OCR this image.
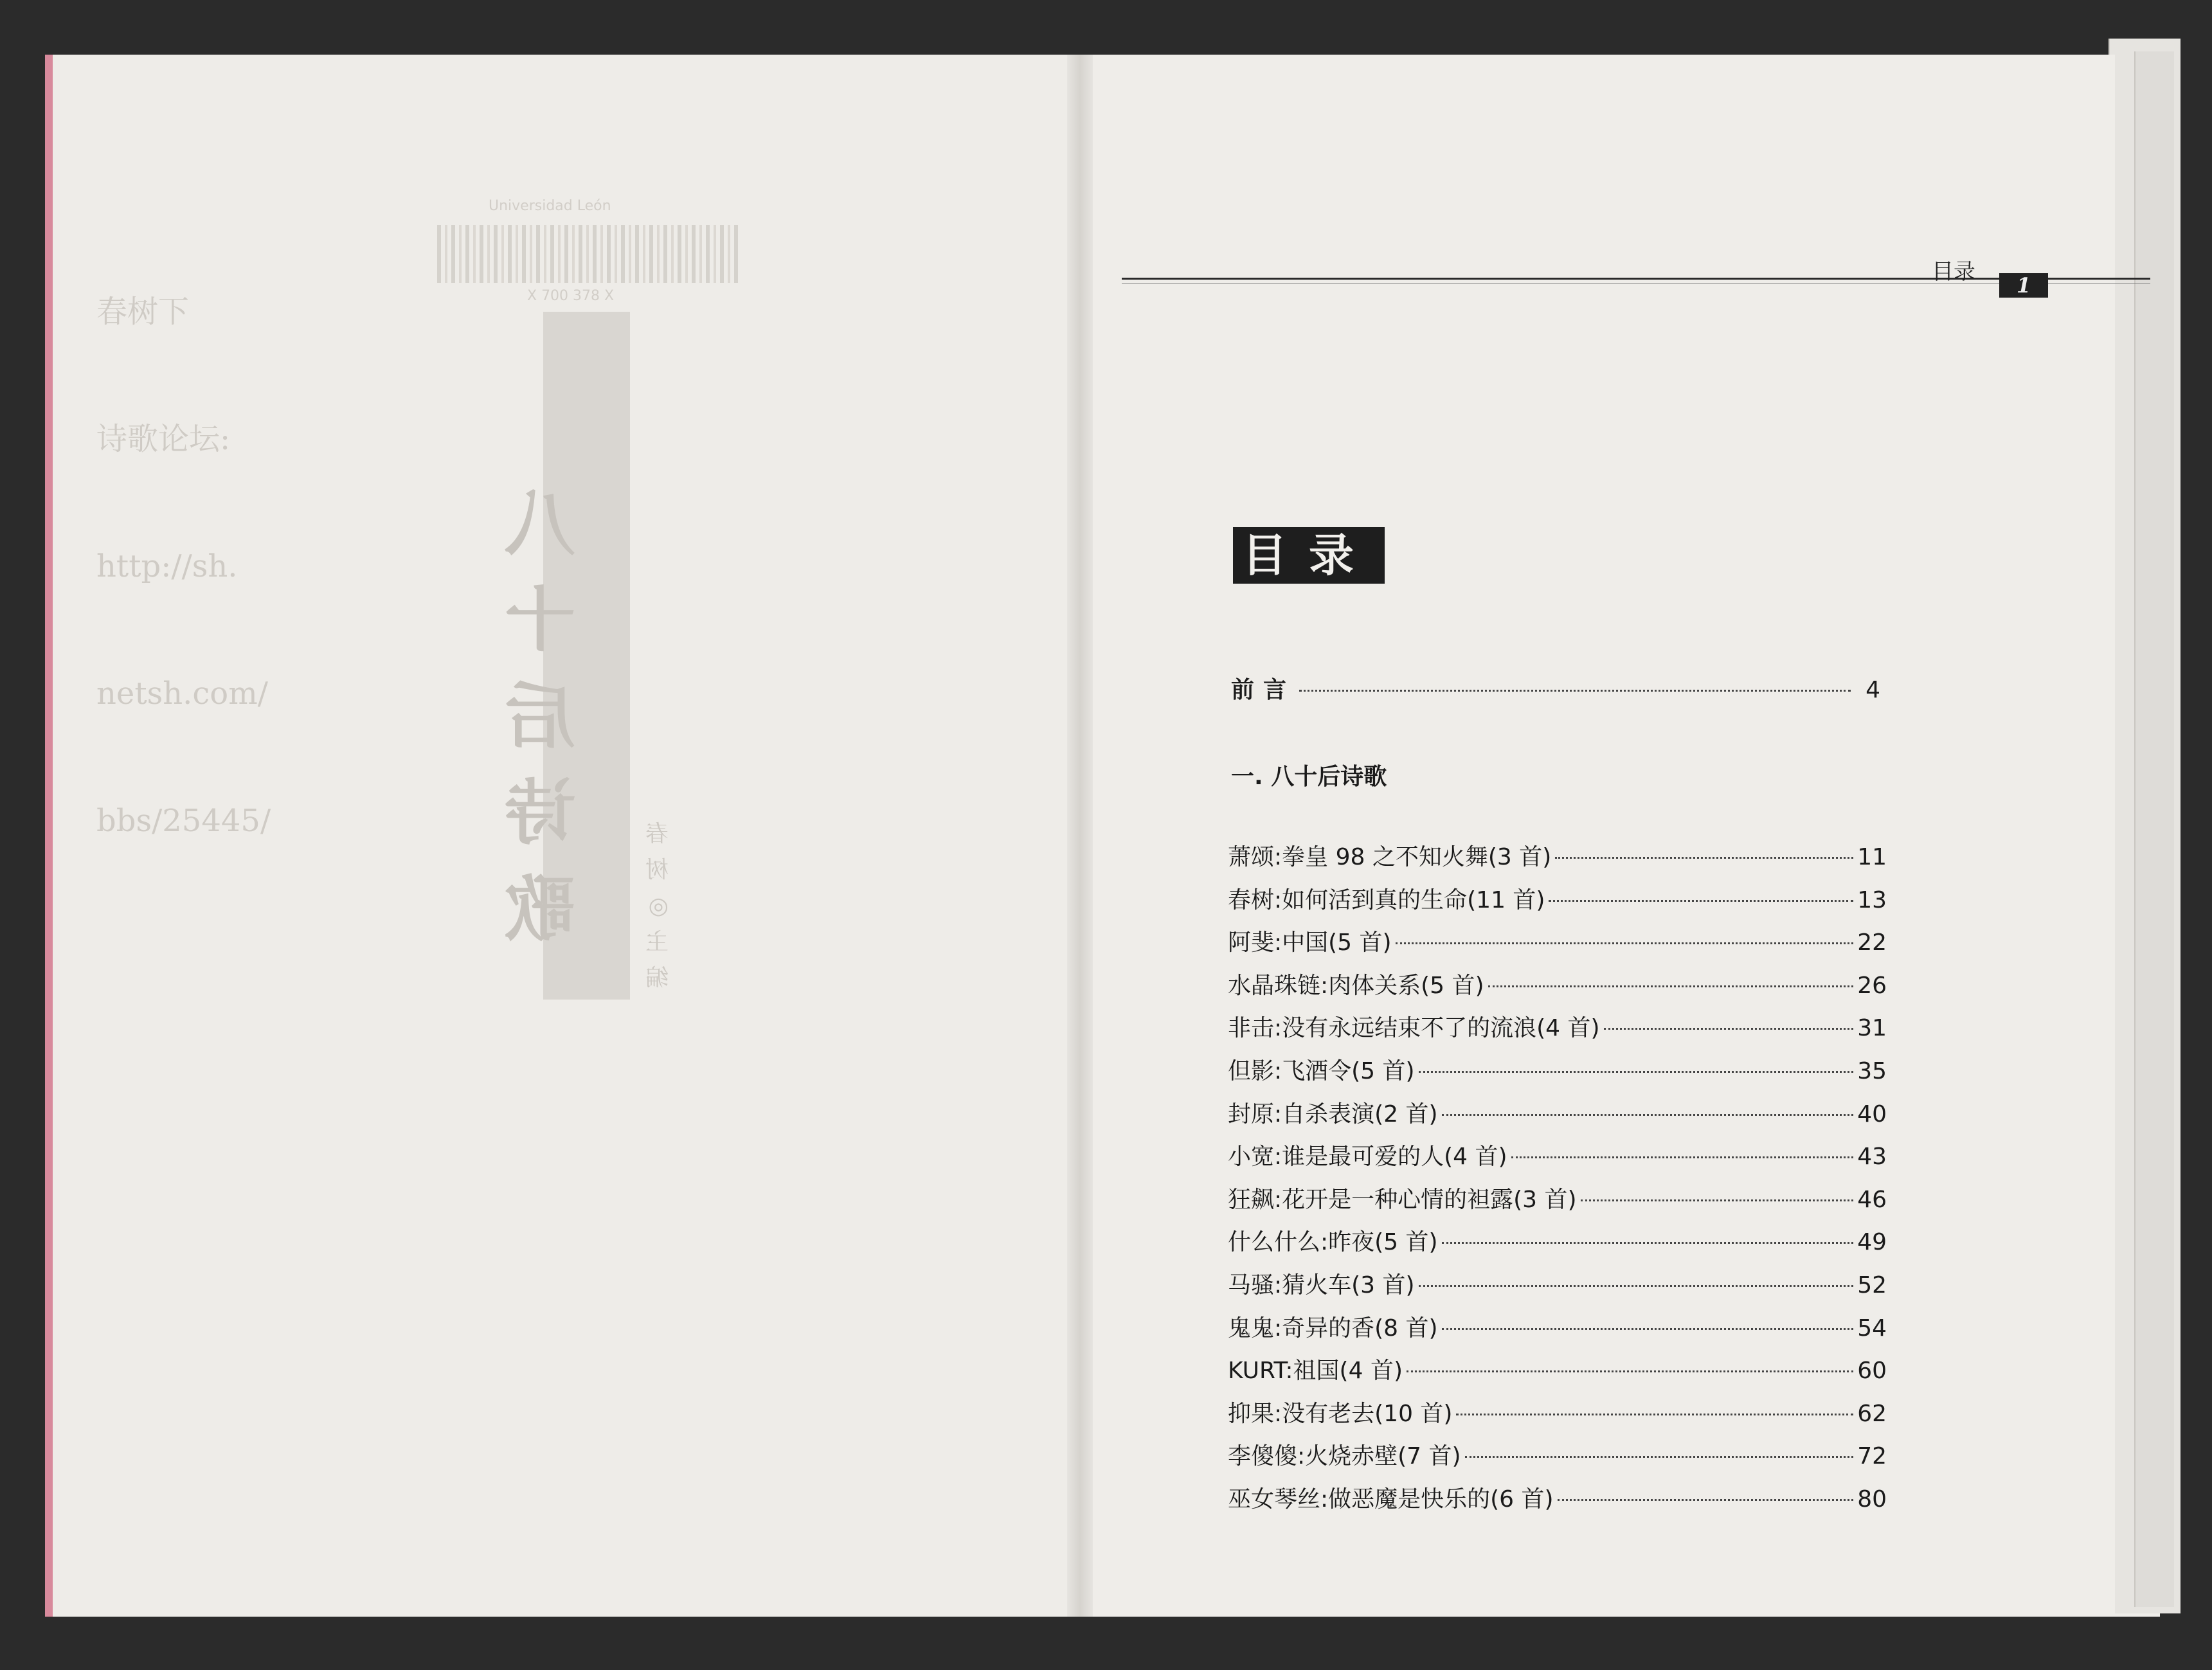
春树下

诗歌论坛:

http://sh.

netsh.com/

bbs/25445/

Universidad León
X 700 378 X
八十后诗歌
春树◎主编
目录
1
目录
前言	4
一. 八十后诗歌
萧颂:拳皇 98 之不知火舞(3 首)	11
春树:如何活到真的生命(11 首)	13
阿斐:中国(5 首)	22
水晶珠链:肉体关系(5 首)	26
非击:没有永远结束不了的流浪(4 首)	31
但影:飞酒令(5 首)	35
封原:自杀表演(2 首)	40
小宽:谁是最可爱的人(4 首)	43
狂飙:花开是一种心情的袒露(3 首)	46
什么什么:昨夜(5 首)	49
马骚:猜火车(3 首)	52
鬼鬼:奇异的香(8 首)	54
KURT:祖国(4 首)	60
抑果:没有老去(10 首)	62
李傻傻:火烧赤壁(7 首)	72
巫女琴丝:做恶魔是快乐的(6 首)	80
